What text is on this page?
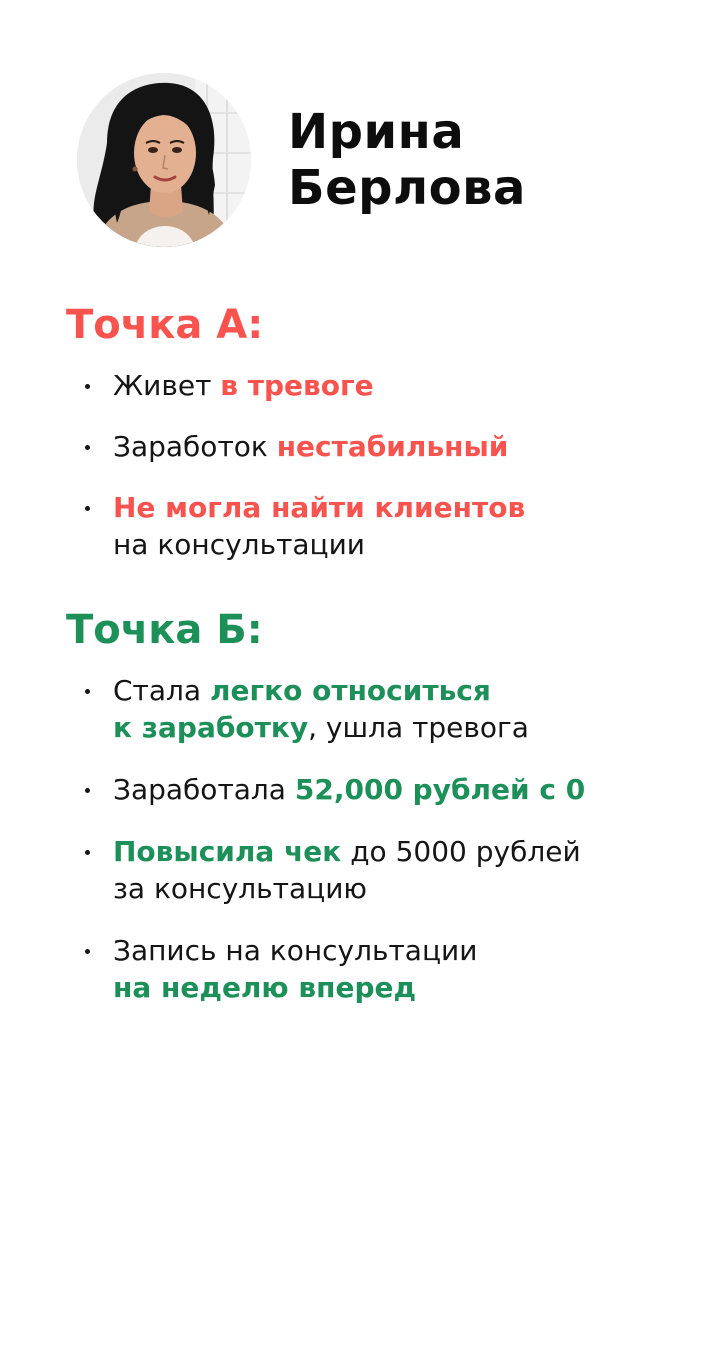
Ирина
Берлова
Точка А:
Живет в тревоге
Заработок нестабильный
Не могла найти клиентов
на консультации
Точка Б:
Стала легко относиться
к заработку, ушла тревога
Заработала 52,000 рублей с 0
Повысила чек до 5000 рублей
за консультацию
Запись на консультации
на неделю вперед
